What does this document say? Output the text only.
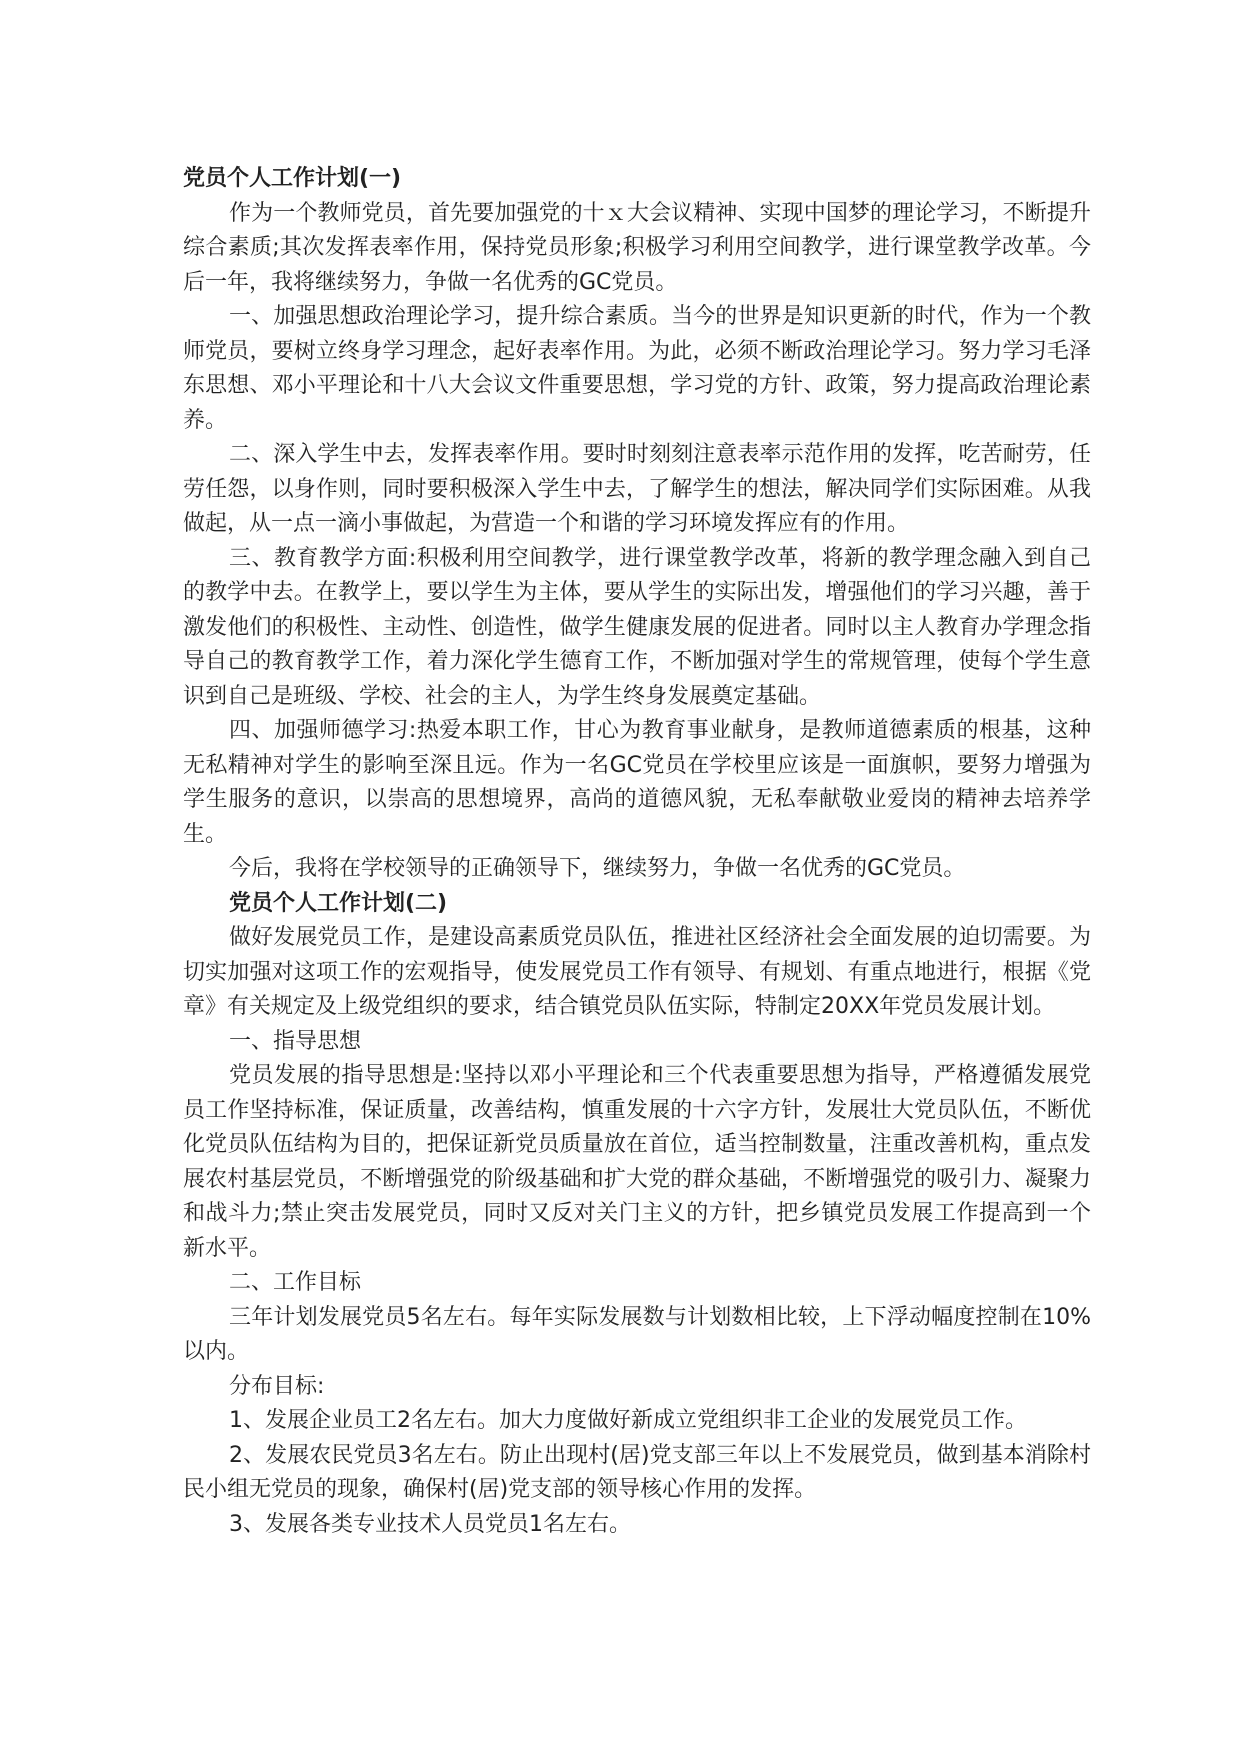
党员个人工作计划(一)

作为一个教师党员，首先要加强党的十ｘ大会议精神、实现中国梦的理论学习，不断提升综合素质;其次发挥表率作用，保持党员形象;积极学习利用空间教学，进行课堂教学改革。今后一年，我将继续努力，争做一名优秀的GC党员。

一、加强思想政治理论学习，提升综合素质。当今的世界是知识更新的时代，作为一个教师党员，要树立终身学习理念，起好表率作用。为此，必须不断政治理论学习。努力学习毛泽东思想、邓小平理论和十八大会议文件重要思想，学习党的方针、政策，努力提高政治理论素养。

二、深入学生中去，发挥表率作用。要时时刻刻注意表率示范作用的发挥，吃苦耐劳，任劳任怨，以身作则，同时要积极深入学生中去，了解学生的想法，解决同学们实际困难。从我做起，从一点一滴小事做起，为营造一个和谐的学习环境发挥应有的作用。

三、教育教学方面:积极利用空间教学，进行课堂教学改革，将新的教学理念融入到自己的教学中去。在教学上，要以学生为主体，要从学生的实际出发，增强他们的学习兴趣，善于激发他们的积极性、主动性、创造性，做学生健康发展的促进者。同时以主人教育办学理念指导自己的教育教学工作，着力深化学生德育工作，不断加强对学生的常规管理，使每个学生意识到自己是班级、学校、社会的主人，为学生终身发展奠定基础。

四、加强师德学习:热爱本职工作，甘心为教育事业献身，是教师道德素质的根基，这种无私精神对学生的影响至深且远。作为一名GC党员在学校里应该是一面旗帜，要努力增强为学生服务的意识，以崇高的思想境界，高尚的道德风貌，无私奉献敬业爱岗的精神去培养学生。

今后，我将在学校领导的正确领导下，继续努力，争做一名优秀的GC党员。

党员个人工作计划(二)

做好发展党员工作，是建设高素质党员队伍，推进社区经济社会全面发展的迫切需要。为切实加强对这项工作的宏观指导，使发展党员工作有领导、有规划、有重点地进行，根据《党章》有关规定及上级党组织的要求，结合镇党员队伍实际，特制定20XX年党员发展计划。

一、指导思想

党员发展的指导思想是:坚持以邓小平理论和三个代表重要思想为指导，严格遵循发展党员工作坚持标准，保证质量，改善结构，慎重发展的十六字方针，发展壮大党员队伍，不断优化党员队伍结构为目的，把保证新党员质量放在首位，适当控制数量，注重改善机构，重点发展农村基层党员，不断增强党的阶级基础和扩大党的群众基础，不断增强党的吸引力、凝聚力和战斗力;禁止突击发展党员，同时又反对关门主义的方针，把乡镇党员发展工作提高到一个新水平。

二、工作目标

三年计划发展党员5名左右。每年实际发展数与计划数相比较，上下浮动幅度控制在10%以内。

分布目标:

1、发展企业员工2名左右。加大力度做好新成立党组织非工企业的发展党员工作。

2、发展农民党员3名左右。防止出现村(居)党支部三年以上不发展党员，做到基本消除村民小组无党员的现象，确保村(居)党支部的领导核心作用的发挥。

3、发展各类专业技术人员党员1名左右。
